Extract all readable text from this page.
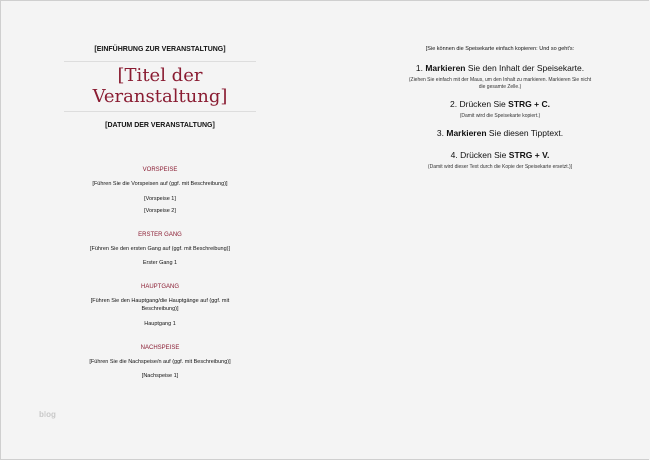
[EINFÜHRUNG ZUR VERANSTALTUNG]
[Titel der Veranstaltung]
[DATUM DER VERANSTALTUNG]
VORSPEISE
[Führen Sie die Vorspeisen auf (ggf. mit Beschreibung)]
[Vorspeise 1]
[Vorspeise 2]
ERSTER GANG
[Führen Sie den ersten Gang auf (ggf. mit Beschreibung)]
Erster Gang 1
HAUPTGANG
[Führen Sie den Hauptgang/die Hauptgänge auf (ggf. mit Beschreibung)]
Hauptgang 1
NACHSPEISE
[Führen Sie die Nachspeise/n auf (ggf. mit Beschreibung)]
[Nachspeise 1]
[Sie können die Speisekarte einfach kopieren: Und so geht's:
1. Markieren Sie den Inhalt der Speisekarte.
(Ziehen Sie einfach mit der Maus, um den Inhalt zu markieren. Markieren Sie nicht die gesamte Zelle.)
2. Drücken Sie STRG + C.
(Damit wird die Speisekarte kopiert.)
3. Markieren Sie diesen Tipptext.
4. Drücken Sie STRG + V.
(Damit wird dieser Text durch die Kopie der Speisekarte ersetzt.)]
blog
